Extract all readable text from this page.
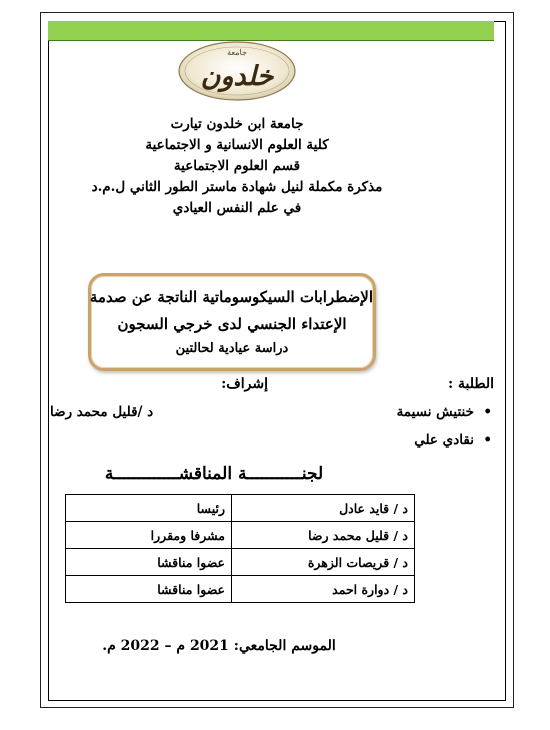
جامعة
خلدون
جامعة ابن خلدون تيارت
كلية العلوم الانسانية و الاجتماعية
قسم العلوم الاجتماعية
مذكرة مكملة لنيل شهادة ماستر الطور الثاني ل.م.د
في علم النفس العيادي
الإضطرابات السيكوسوماتية الناتجة عن صدمة
الإعتداء الجنسي لدى خرجي السجون
دراسة عيادية لحالتين
الطلبة :
إشراف:
•  خنتيش نسيمة
•  نقادي علي
د /قليل محمد رضا
لجنـــــــــــة المناقشـــــــــــــة
د / قايد عادل	رئيسا
د / قليل محمد رضا	مشرفا ومقررا
د / قريصات الزهرة	عضوا مناقشا
د / دوارة احمد	عضوا مناقشا
الموسم الجامعي: 2021 م – 2022 م.
